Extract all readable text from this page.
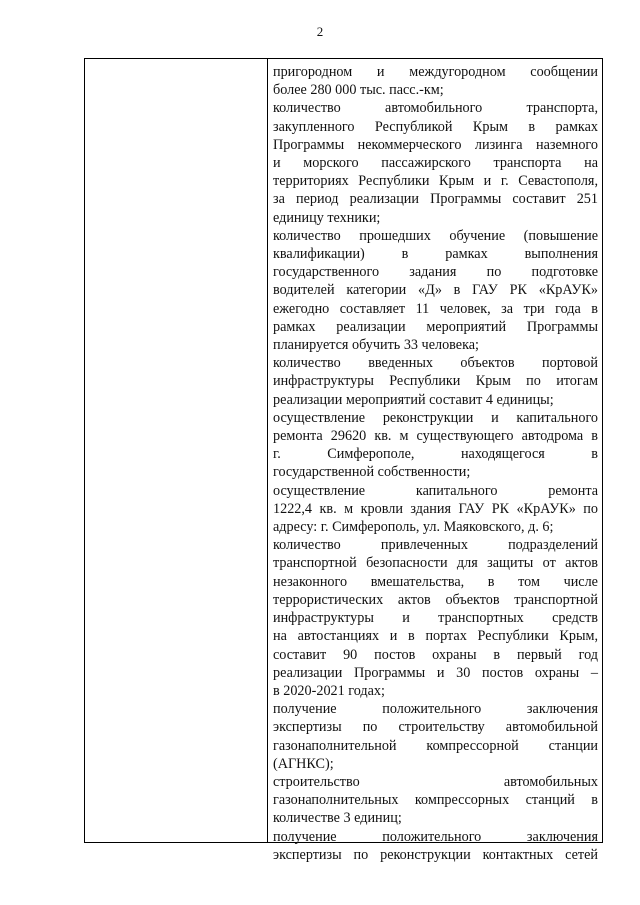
2
пригородном и междугородном сообщении
более 280 000 тыс. пасс.-км;
количество автомобильного транспорта,
закупленного Республикой Крым в рамках
Программы некоммерческого лизинга наземного
и морского пассажирского транспорта на
территориях Республики Крым и г. Севастополя,
за период реализации Программы составит 251
единицу техники;
количество прошедших обучение (повышение
квалификации) в рамках выполнения
государственного задания по подготовке
водителей категории «Д» в ГАУ РК «КрАУК»
ежегодно составляет 11 человек, за три года в
рамках реализации мероприятий Программы
планируется обучить 33 человека;
количество введенных объектов портовой
инфраструктуры Республики Крым по итогам
реализации мероприятий составит 4 единицы;
осуществление реконструкции и капитального
ремонта 29620 кв. м существующего автодрома в
г. Симферополе, находящегося в
государственной собственности;
осуществление капитального ремонта
1222,4 кв. м кровли здания ГАУ РК «КрАУК» по
адресу: г. Симферополь, ул. Маяковского, д. 6;
количество привлеченных подразделений
транспортной безопасности для защиты от актов
незаконного вмешательства, в том числе
террористических актов объектов транспортной
инфраструктуры и транспортных средств
на автостанциях и в портах Республики Крым,
составит 90 постов охраны в первый год
реализации Программы и 30 постов охраны –
в 2020-2021 годах;
получение положительного заключения
экспертизы по строительству автомобильной
газонаполнительной компрессорной станции
(АГНКС);
строительство автомобильных
газонаполнительных компрессорных станций в
количестве 3 единиц;
получение положительного заключения
экспертизы по реконструкции контактных сетей
